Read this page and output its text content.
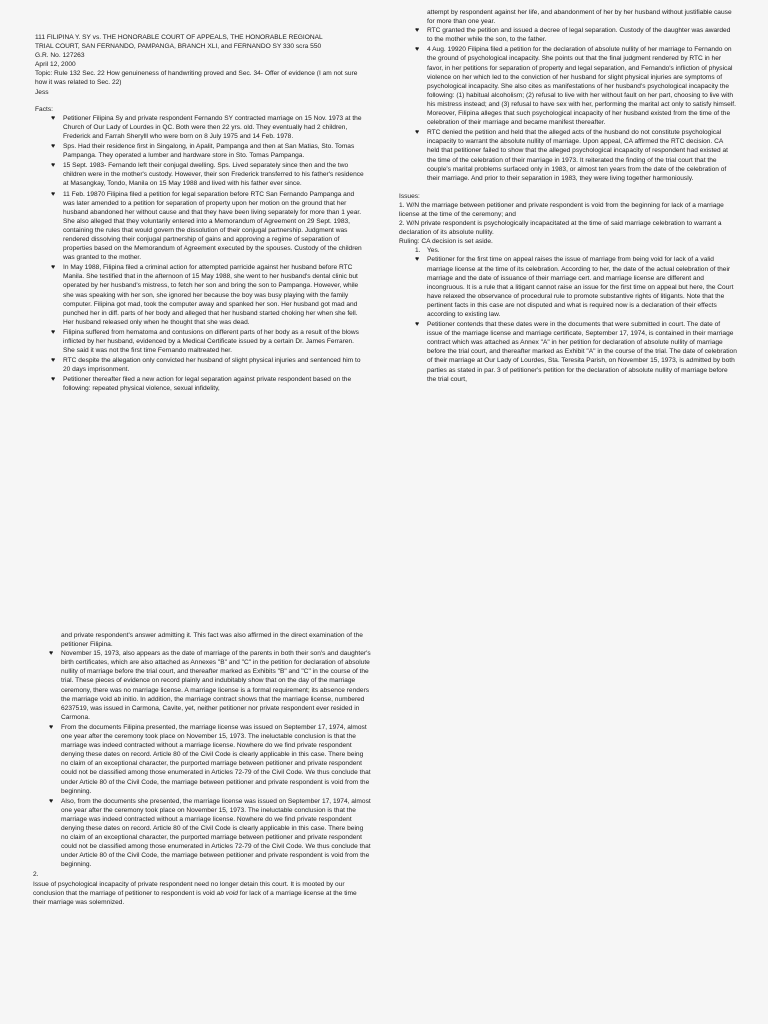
111 FILIPINA Y. SY vs. THE HONORABLE COURT OF APPEALS, THE HONORABLE REGIONAL

TRIAL COURT, SAN FERNANDO, PAMPANGA, BRANCH XLI, and FERNANDO SY 330 scra 550

G.R. No. 127263

April 12, 2000

Topic: Rule 132 Sec. 22 How genuineness of handwriting proved and Sec. 34- Offer of evidence (I am not sure how it was related to Sec. 22)

Jess

Facts:

♥ Petitioner Filipina Sy and private respondent Fernando SY contracted marriage on 15 Nov. 1973 at the Church of Our Lady of Lourdes in QC. Both were then 22 yrs. old. They eventually had 2 children, Frederick and Farrah Sherylll who were born on 8 July 1975 and 14 Feb. 1978.
♥ Sps. Had their residence first in Singalong, in Apalit, Pampanga and then at San Matias, Sto. Tomas Pampanga. They operated a lumber and hardware store in Sto. Tomas Pampanga.
♥ 15 Sept. 1983- Fernando left their conjugal dwelling. Sps. Lived separately since then and the two children were in the mother's custody. However, their son Frederick transferred to his father's residence at Masangkay, Tondo, Manila on 15 May 1988 and lived with his father ever since.
♥ 11 Feb. 19870 Filipina filed a petition for legal separation before RTC San Fernando Pampanga and was later amended to a petition for separation of property upon her motion on the ground that her husband abandoned her without cause and that they have been living separately for more than 1 year. She also alleged that they voluntarily entered into a Memorandum of Agreement on 29 Sept. 1983, containing the rules that would govern the dissolution of their conjugal partnership. Judgment was rendered dissolving their conjugal partnership of gains and approving a regime of separation of properties based on the Memorandum of Agreement executed by the spouses. Custody of the children was granted to the mother.
♥ In May 1988, Filipina filed a criminal action for attempted parricide against her husband before RTC Manila. She testified that in the afternoon of 15 May 1988, she went to her husband's dental clinic but operated by her husband's mistress, to fetch her son and bring the son to Pampanga. However, while she was speaking with her son, she ignored her because the boy was busy playing with the family computer. Filipina got mad, took the computer away and spanked her son. Her husband got mad and punched her in diff. parts of her body and alleged that her husband started choking her when she fell. Her husband released only when he thought that she was dead.
♥ Filipina suffered from hematoma and contusions on different parts of her body as a result of the blows inflicted by her husband, evidenced by a Medical Certificate issued by a certain Dr. James Ferraren. She said it was not the first time Fernando maltreated her.
♥ RTC despite the allegation only convicted her husband of slight physical injuries and sentenced him to 20 days imprisonment.
♥ Petitioner thereafter filed a new action for legal separation against private respondent based on the following: repeated physical violence, sexual infidelity,

attempt by respondent against her life, and abandonment of her by her husband without justifiable cause for more than one year.

♥ RTC granted the petition and issued a decree of legal separation. Custody of the daughter was awarded to the mother while the son, to the father.
♥ 4 Aug. 19920 Filipina filed a petition for the declaration of absolute nullity of her marriage to Fernando on the ground of psychological incapacity. She points out that the final judgment rendered by RTC in her favor, in her petitions for separation of property and legal separation, and Fernando's infliction of physical violence on her which led to the conviction of her husband for slight physical injuries are symptoms of psychological incapacity. She also cites as manifestations of her husband's psychological incapacity the following: (1) habitual alcoholism; (2) refusal to live with her without fault on her part, choosing to live with his mistress instead; and (3) refusal to have sex with her, performing the marital act only to satisfy himself. Moreover, Filipina alleges that such psychological incapacity of her husband existed from the time of the celebration of their marriage and became manifest thereafter.
♥ RTC denied the petition and held that the alleged acts of the husband do not constitute psychological incapacity to warrant the absolute nullity of marriage. Upon appeal, CA affirmed the RTC decision. CA held that petitioner failed to show that the alleged psychological incapacity of respondent had existed at the time of the celebration of their marriage in 1973. It reiterated the finding of the trial court that the couple's marital problems surfaced only in 1983, or almost ten years from the date of the celebration of their marriage. And prior to their separation in 1983, they were living together harmoniously.

Issues:

1. W/N the marriage between petitioner and private respondent is void from the beginning for lack of a marriage license at the time of the ceremony; and

2. W/N private respondent is psychologically incapacitated at the time of said marriage celebration to warrant a declaration of its absolute nullity.

Ruling: CA decision is set aside.

1. Yes.
♥ Petitioner for the first time on appeal raises the issue of marriage from being void for lack of a valid marriage license at the time of its celebration. According to her, the date of the actual celebration of their marriage and the date of issuance of their marriage cert. and marriage license are different and incongruous. It is a rule that a litigant cannot raise an issue for the first time on appeal but here, the Court have relaxed the observance of procedural rule to promote substantive rights of litigants. Note that the pertinent facts in this case are not disputed and what is required now is a declaration of their effects according to existing law.
♥ Petitioner contends that these dates were in the documents that were submitted in court. The date of issue of the marriage license and marriage certificate, September 17, 1974, is contained in their marriage contract which was attached as Annex "A" in her petition for declaration of absolute nullity of marriage before the trial court, and thereafter marked as Exhibit "A" in the course of the trial. The date of celebration of their marriage at Our Lady of Lourdes, Sta. Teresita Parish, on November 15, 1973, is admitted by both parties as stated in par. 3 of petitioner's petition for the declaration of absolute nullity of marriage before the trial court,

and private respondent's answer admitting it. This fact was also affirmed in the direct examination of the petitioner Filipina.

♥ November 15, 1973, also appears as the date of marriage of the parents in both their son's and daughter's birth certificates, which are also attached as Annexes "B" and "C" in the petition for declaration of absolute nullity of marriage before the trial court, and thereafter marked as Exhibits "B" and "C" in the course of the trial. These pieces of evidence on record plainly and indubitably show that on the day of the marriage ceremony, there was no marriage license. A marriage license is a formal requirement; its absence renders the marriage void ab initio. In addition, the marriage contract shows that the marriage license, numbered 6237519, was issued in Carmona, Cavite, yet, neither petitioner nor private respondent ever resided in Carmona.
♥ From the documents Filipina presented, the marriage license was issued on September 17, 1974, almost one year after the ceremony took place on November 15, 1973. The ineluctable conclusion is that the marriage was indeed contracted without a marriage license. Nowhere do we find private respondent denying these dates on record. Article 80 of the Civil Code is clearly applicable in this case. There being no claim of an exceptional character, the purported marriage between petitioner and private respondent could not be classified among those enumerated in Articles 72-79 of the Civil Code. We thus conclude that under Article 80 of the Civil Code, the marriage between petitioner and private respondent is void from the beginning.
♥ Also, from the documents she presented, the marriage license was issued on September 17, 1974, almost one year after the ceremony took place on November 15, 1973. The ineluctable conclusion is that the marriage was indeed contracted without a marriage license. Nowhere do we find private respondent denying these dates on record. Article 80 of the Civil Code is clearly applicable in this case. There being no claim of an exceptional character, the purported marriage between petitioner and private respondent could not be classified among those enumerated in Articles 72-79 of the Civil Code. We thus conclude that under Article 80 of the Civil Code, the marriage between petitioner and private respondent is void from the beginning.

2.

Issue of psychological incapacity of private respondent need no longer detain this court. It is mooted by our conclusion that the marriage of petitioner to respondent is void ab void for lack of a marriage license at the time their marriage was solemnized.
